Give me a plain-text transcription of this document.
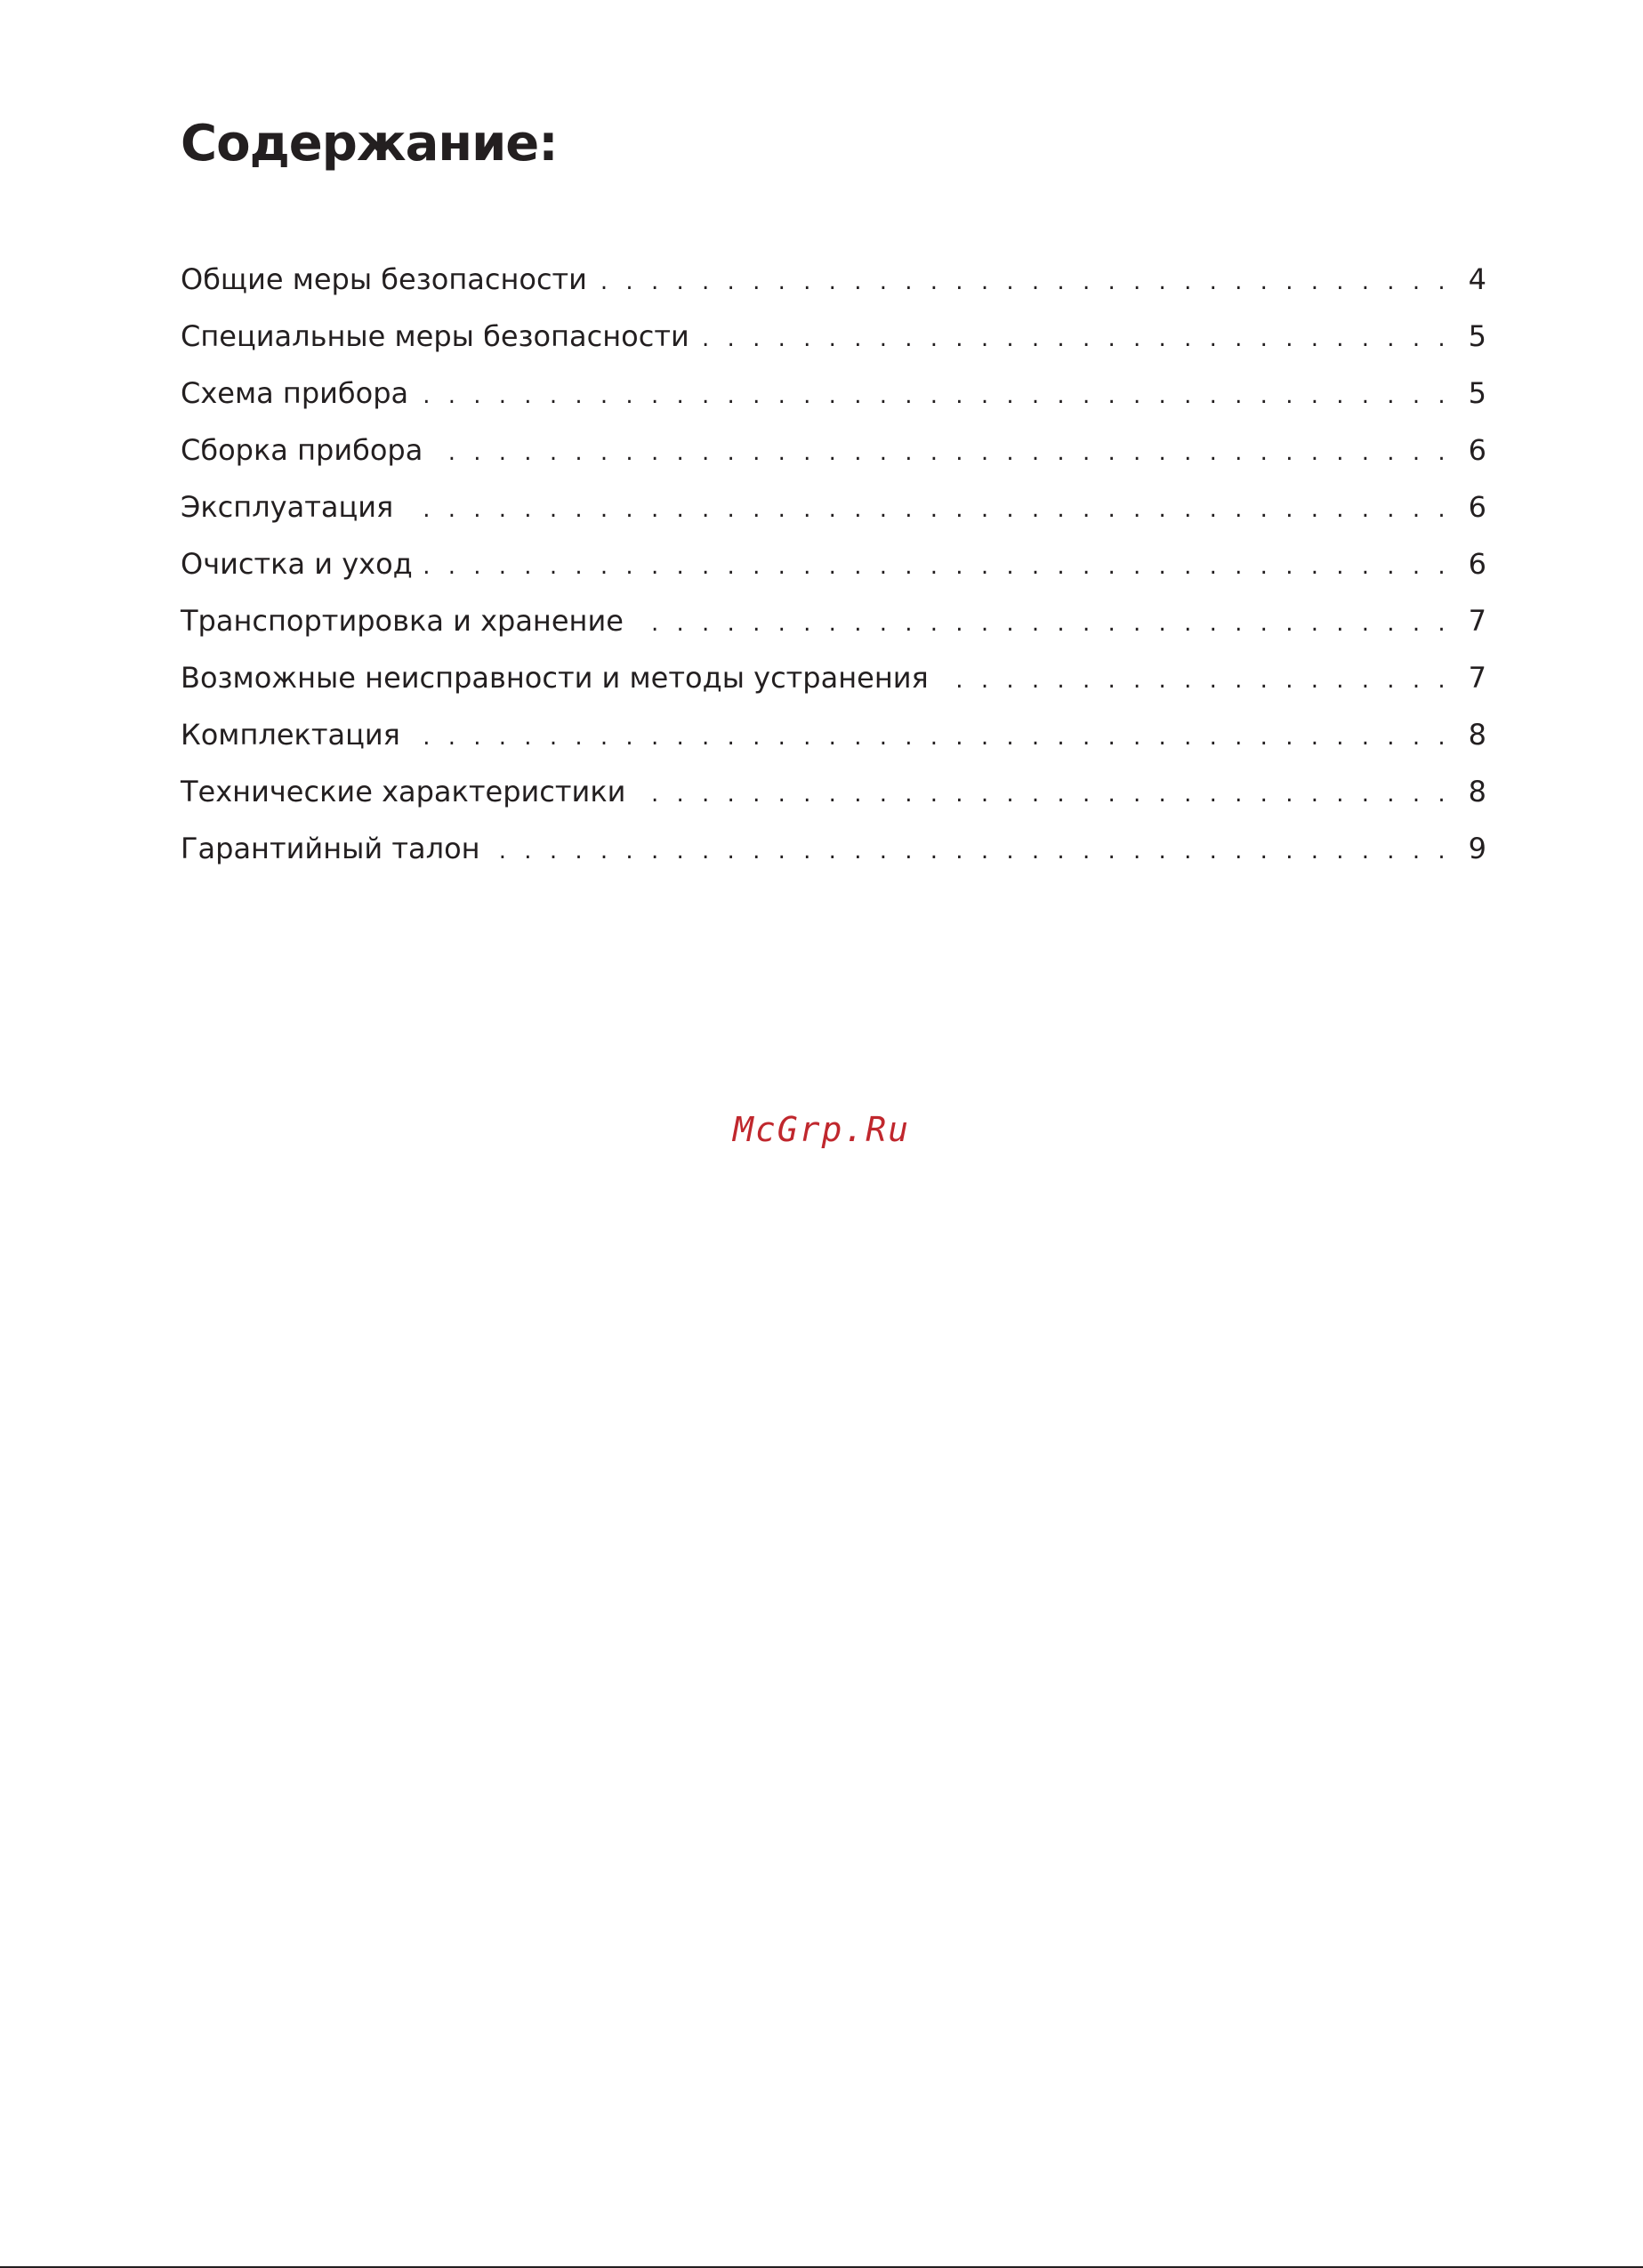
Содержание:
Общие меры безопасности . . .	4
Специальные меры безопасности . . .	5
Схема прибора . . .	5
Сборка прибора . . .	6
Эксплуатация . . .	6
Очистка и уход . . .	6
Транспортировка и хранение . . .	7
Возможные неисправности и методы устранения . . .	7
Комплектация . . .	8
Технические характеристики . . .	8
Гарантийный талон . . .	9
McGrp.Ru
